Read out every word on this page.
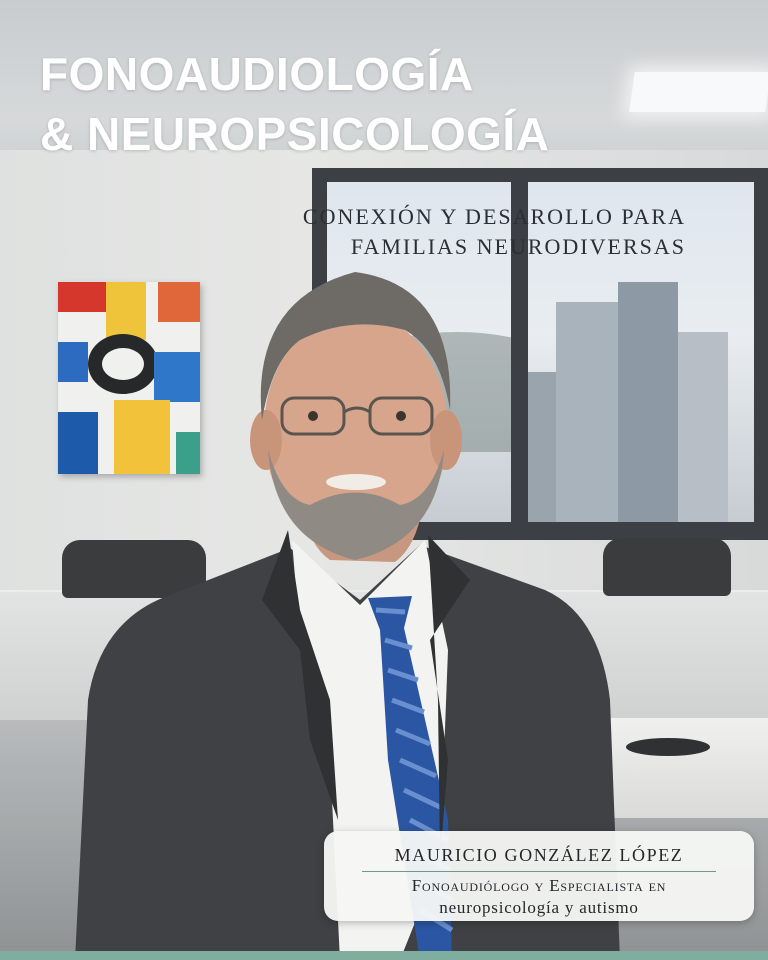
FONOAUDIOLOGÍA
& NEUROPSICOLOGÍA

CONEXIÓN Y DESAROLLO PARA
FAMILIAS NEURODIVERSAS

MAURICIO GONZÁLEZ LÓPEZ
Fonoaudiólogo y Especialista en
neuropsicología y autismo
